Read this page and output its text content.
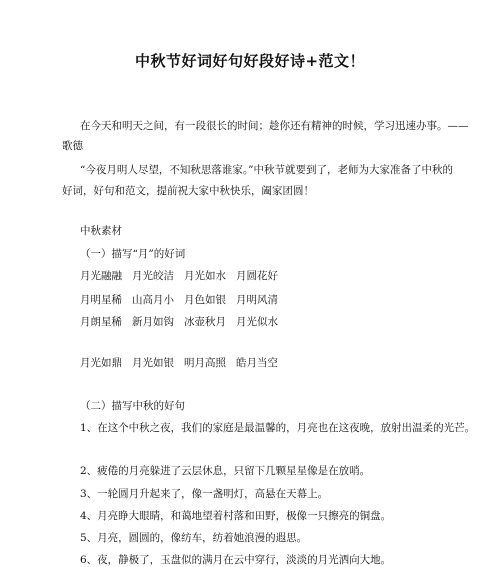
中秋节好词好句好段好诗+范文！
在今天和明天之间，有一段很长的时间；趁你还有精神的时候，学习迅速办事。——
歌德
“今夜月明人尽望，不知秋思落谁家。”中秋节就要到了，老师为大家准备了中秋的
好词，好句和范文，提前祝大家中秋快乐，阖家团圆！
中秋素材
（一）描写“月”的好词
月光融融 月光皎洁 月光如水 月圆花好
月明星稀 山高月小 月色如银 月明风清
月朗星稀 新月如钩 冰壶秋月 月光似水
月光如鼎 月光如银 明月高照 皓月当空
（二）描写中秋的好句
1、在这个中秋之夜，我们的家庭是最温馨的，月亮也在这夜晚，放射出温柔的光芒。
2、疲倦的月亮躲进了云层休息，只留下几颗星星像是在放哨。
3、一轮圆月升起来了，像一盏明灯，高悬在天幕上。
4、月亮睁大眼睛，和蔼地望着村落和田野，极像一只擦亮的铜盘。
5、月亮，圆圆的，像纺车，纺着她浪漫的遐思。
6、夜，静极了，玉盘似的满月在云中穿行，淡淡的月光洒向大地。
